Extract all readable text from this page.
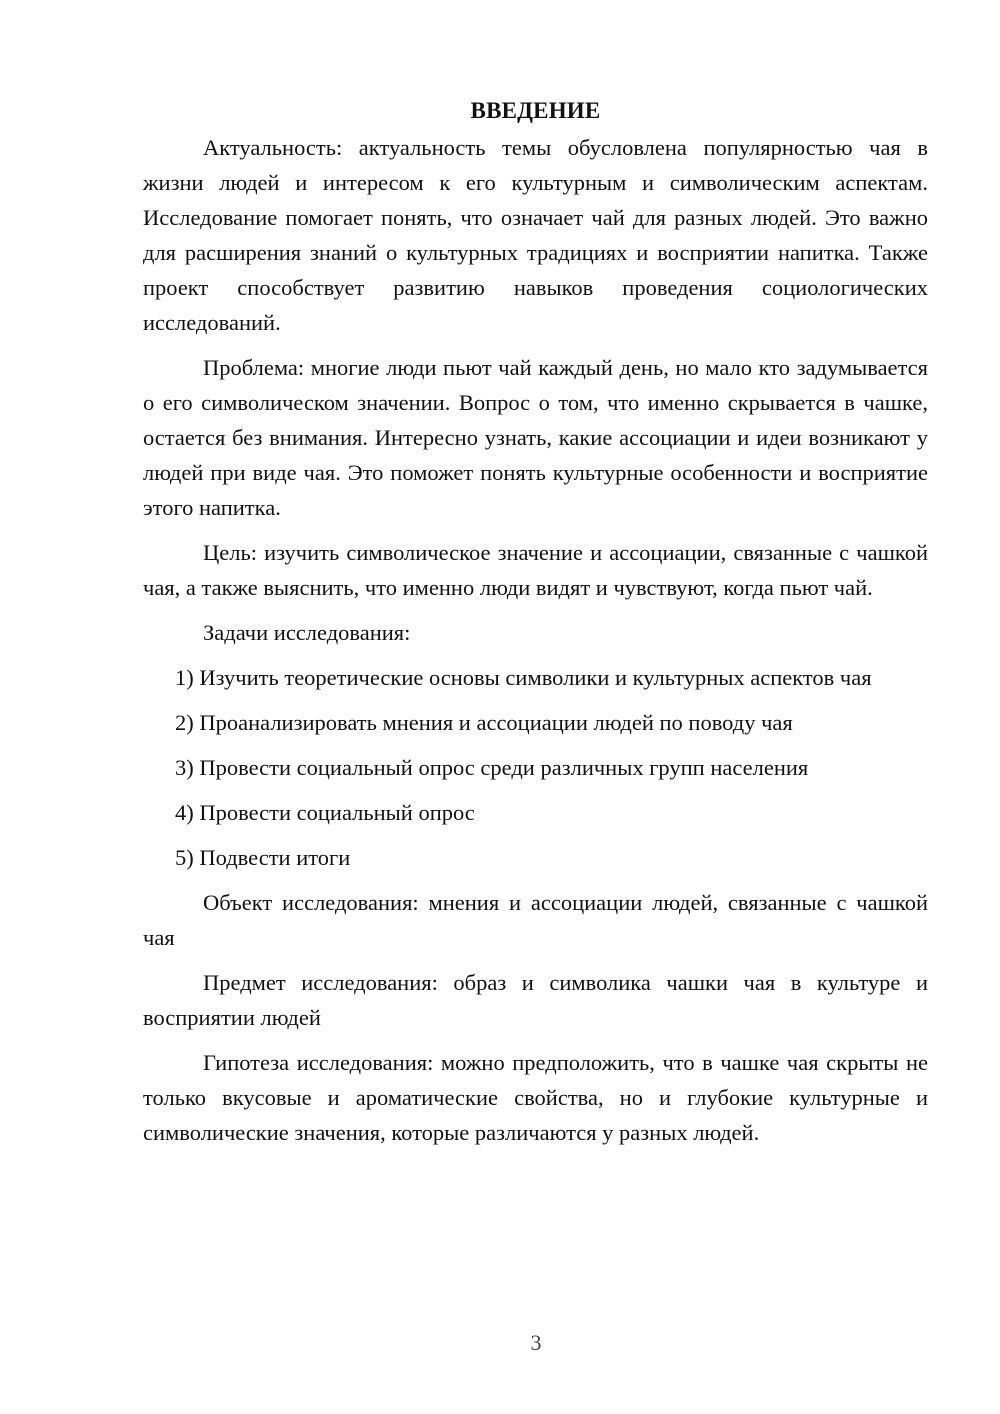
ВВЕДЕНИЕ

Актуальность: актуальность темы обусловлена популярностью чая в жизни людей и интересом к его культурным и символическим аспектам. Исследование помогает понять, что означает чай для разных людей. Это важно для расширения знаний о культурных традициях и восприятии напитка. Также проект способствует развитию навыков проведения социологических исследований.

Проблема: многие люди пьют чай каждый день, но мало кто задумывается о его символическом значении. Вопрос о том, что именно скрывается в чашке, остается без внимания. Интересно узнать, какие ассоциации и идеи возникают у людей при виде чая. Это поможет понять культурные особенности и восприятие этого напитка.

Цель: изучить символическое значение и ассоциации, связанные с чашкой чая, а также выяснить, что именно люди видят и чувствуют, когда пьют чай.

Задачи исследования:

1) Изучить теоретические основы символики и культурных аспектов чая

2) Проанализировать мнения и ассоциации людей по поводу чая

3) Провести социальный опрос среди различных групп населения

4) Провести социальный опрос

5) Подвести итоги

Объект исследования: мнения и ассоциации людей, связанные с чашкой чая

Предмет исследования: образ и символика чашки чая в культуре и восприятии людей

Гипотеза исследования: можно предположить, что в чашке чая скрыты не только вкусовые и ароматические свойства, но и глубокие культурные и символические значения, которые различаются у разных людей.

3
